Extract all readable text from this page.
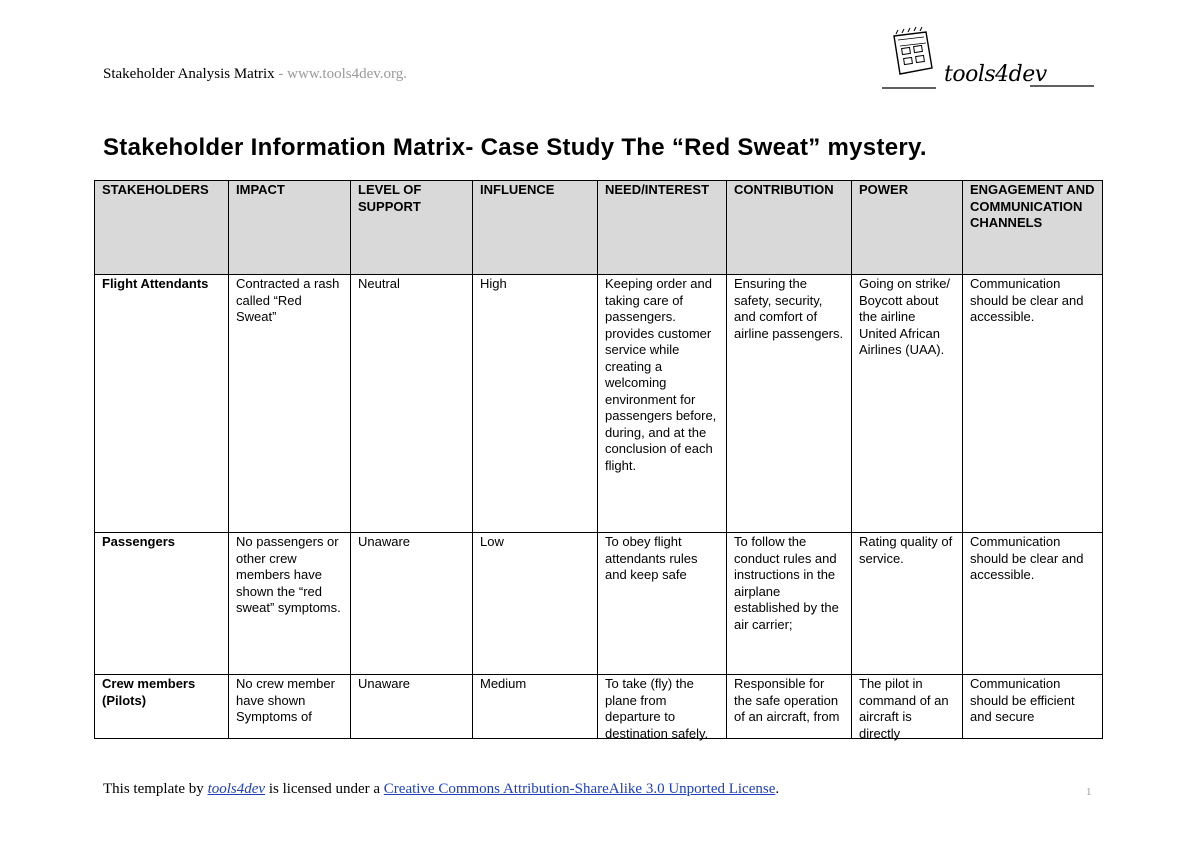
Stakeholder Analysis Matrix - www.tools4dev.org.	tools4dev
Stakeholder Information Matrix- Case Study The “Red Sweat” mystery.
STAKEHOLDERS	IMPACT	LEVEL OF SUPPORT	INFLUENCE	NEED/INTEREST	CONTRIBUTION	POWER	ENGAGEMENT AND COMMUNICATION CHANNELS
Flight Attendants	Contracted a rash called “Red Sweat”	Neutral	High	Keeping order and taking care of passengers. provides customer service while creating a welcoming environment for passengers before, during, and at the conclusion of each flight.	Ensuring the safety, security, and comfort of airline passengers.	Going on strike/ Boycott about the airline United African Airlines (UAA).	Communication should be clear and accessible.
Passengers	No passengers or other crew members have shown the “red sweat” symptoms.	Unaware	Low	To obey flight attendants rules and keep safe	To follow the conduct rules and instructions in the airplane established by the air carrier;	Rating quality of service.	Communication should be clear and accessible.

Crew members (Pilots)	No crew member have shown Symptoms of	Unaware	Medium	To take (fly) the plane from departure to destination safely.	Responsible for the safe operation of an aircraft, from	The pilot in command of an aircraft is directly	Communication should be efficient and secure
This template by tools4dev is licensed under a Creative Commons Attribution-ShareAlike 3.0 Unported License.	1
